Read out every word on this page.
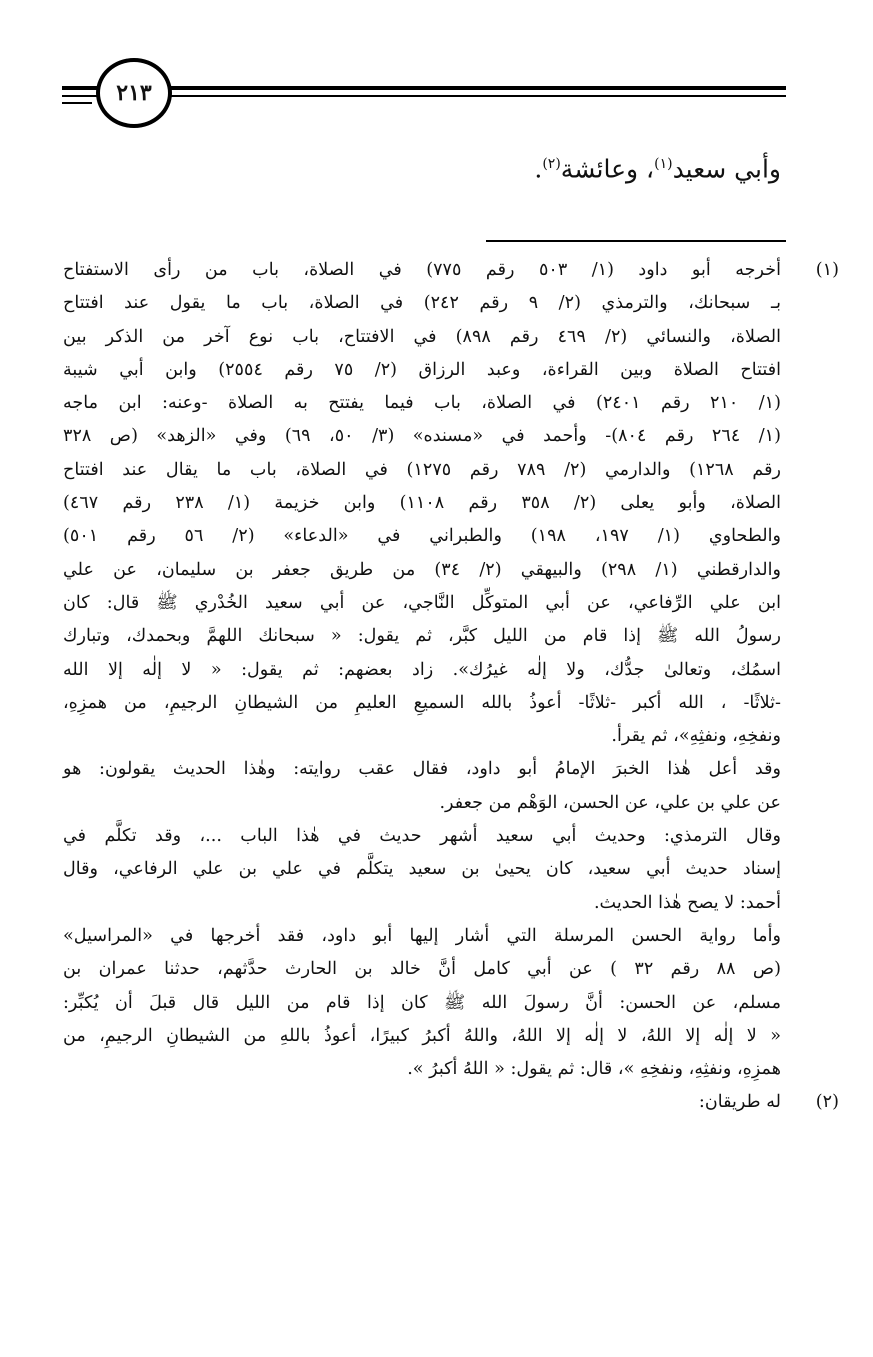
٢١٣
وأبي سعيد$^{(١)}$، وعائشة$^{(٢)}$.
أخرجه أبو داود (١/ ٥٠٣ رقم ٧٧٥) في الصلاة، باب من رأى الاستفتاح	(١)
بـ سبحانك، والترمذي (٢/ ٩ رقم ٢٤٢) في الصلاة، باب ما يقول عند افتتاح
الصلاة، والنسائي (٢/ ٤٦٩ رقم ٨٩٨) في الافتتاح، باب نوع آخر من الذكر بين
افتتاح الصلاة وبين القراءة، وعبد الرزاق (٢/ ٧٥ رقم ٢٥٥٤) وابن أبي شيبة
(١/ ٢١٠ رقم ٢٤٠١) في الصلاة، باب فيما يفتتح به الصلاة -وعنه: ابن ماجه
(١/ ٢٦٤ رقم ٨٠٤)- وأحمد في «مسنده» (٣/ ٥٠، ٦٩) وفي «الزهد» (ص ٣٢٨
رقم ١٢٦٨) والدارمي (٢/ ٧٨٩ رقم ١٢٧٥) في الصلاة، باب ما يقال عند افتتاح
الصلاة، وأبو يعلى (٢/ ٣٥٨ رقم ١١٠٨) وابن خزيمة (١/ ٢٣٨ رقم ٤٦٧)
والطحاوي (١/ ١٩٧، ١٩٨) والطبراني في «الدعاء» (٢/ ٥٦ رقم ٥٠١)
والدارقطني (١/ ٢٩٨) والبيهقي (٢/ ٣٤) من طريق جعفر بن سليمان، عن علي
ابن علي الرِّفاعي، عن أبي المتوكِّل النَّاجي، عن أبي سعيد الخُدْري ﷺ قال: كان
رسولُ الله ﷺ إذا قام من الليل كبَّر، ثم يقول: « سبحانك اللهمَّ وبحمدك، وتبارك
اسمُك، وتعالىٰ جدُّك، ولا إلٰه غيرُك». زاد بعضهم: ثم يقول: « لا إلٰه إلا الله
-ثلاثًا- ، الله أكبر -ثلاثًا- أعوذُ بالله السميعِ العليمِ من الشيطانِ الرجيمِ، من همزِهِ،
ونفخِهِ، ونفثِهِ»، ثم يقرأ.
وقد أعل هٰذا الخبرَ الإمامُ أبو داود، فقال عقب روايته: وهٰذا الحديث يقولون: هو
عن علي بن علي، عن الحسن، الوَهْم من جعفر.
وقال الترمذي: وحديث أبي سعيد أشهر حديث في هٰذا الباب ...، وقد تكلَّم في
إسناد حديث أبي سعيد، كان يحيىٰ بن سعيد يتكلَّم في علي بن علي الرفاعي، وقال
أحمد: لا يصح هٰذا الحديث.
وأما رواية الحسن المرسلة التي أشار إليها أبو داود، فقد أخرجها في «المراسيل»
(ص ٨٨ رقم ٣٢ ) عن أبي كامل أنَّ خالد بن الحارث حدَّثهم، حدثنا عمران بن
مسلم، عن الحسن: أنَّ رسولَ الله ﷺ كان إذا قام من الليل قال قبلَ أن يُكبِّر:
« لا إلٰه إلا اللهُ، لا إلٰه إلا اللهُ، واللهُ أكبرُ كبيرًا، أعوذُ باللهِ من الشيطانِ الرجيمِ، من
همزِهِ، ونفثِهِ، ونفخِهِ »، قال: ثم يقول: « اللهُ أكبرُ ».
له طريقان:	(٢)
